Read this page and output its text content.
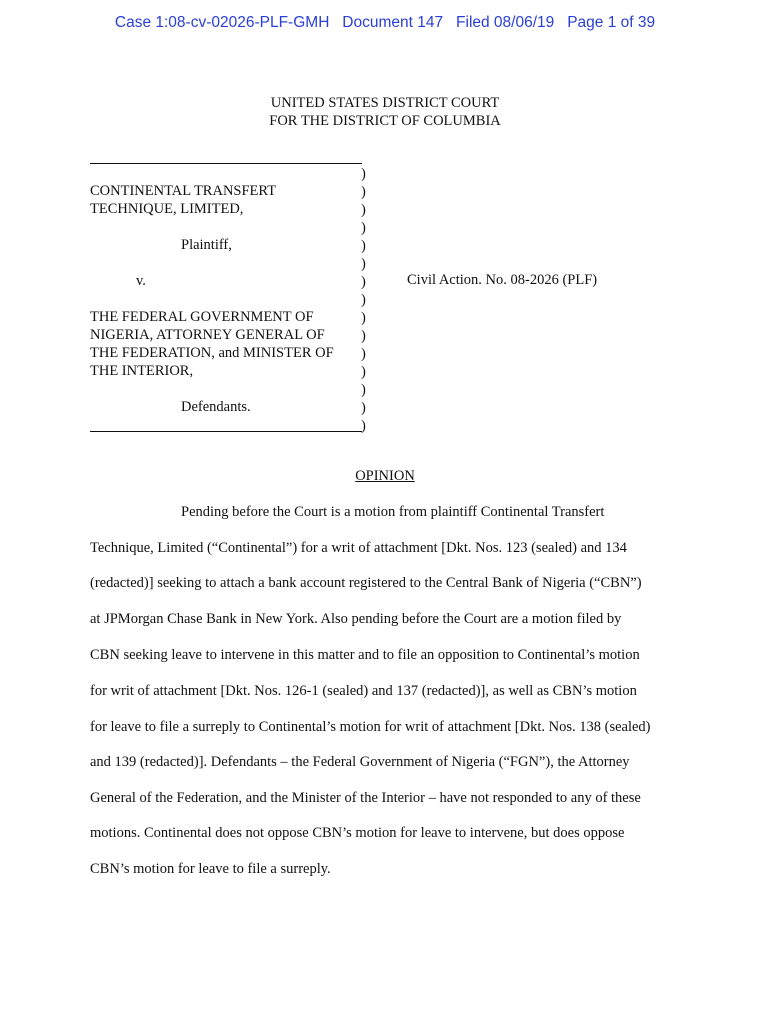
Case 1:08-cv-02026-PLF-GMH   Document 147   Filed 08/06/19   Page 1 of 39
UNITED STATES DISTRICT COURT
FOR THE DISTRICT OF COLUMBIA
CONTINENTAL TRANSFERT
TECHNIQUE, LIMITED,
Plaintiff,
v.
THE FEDERAL GOVERNMENT OF
NIGERIA, ATTORNEY GENERAL OF
THE FEDERATION, and MINISTER OF
THE INTERIOR,
Defendants.
)
)
)
)
)
)
)
)
)
)
)
)
)
)
)
Civil Action. No. 08-2026 (PLF)
OPINION
Pending before the Court is a motion from plaintiff Continental Transfert
Technique, Limited (“Continental”) for a writ of attachment [Dkt. Nos. 123 (sealed) and 134
(redacted)] seeking to attach a bank account registered to the Central Bank of Nigeria (“CBN”)
at JPMorgan Chase Bank in New York. Also pending before the Court are a motion filed by
CBN seeking leave to intervene in this matter and to file an opposition to Continental’s motion
for writ of attachment [Dkt. Nos. 126-1 (sealed) and 137 (redacted)], as well as CBN’s motion
for leave to file a surreply to Continental’s motion for writ of attachment [Dkt. Nos. 138 (sealed)
and 139 (redacted)]. Defendants – the Federal Government of Nigeria (“FGN”), the Attorney
General of the Federation, and the Minister of the Interior – have not responded to any of these
motions. Continental does not oppose CBN’s motion for leave to intervene, but does oppose
CBN’s motion for leave to file a surreply.
